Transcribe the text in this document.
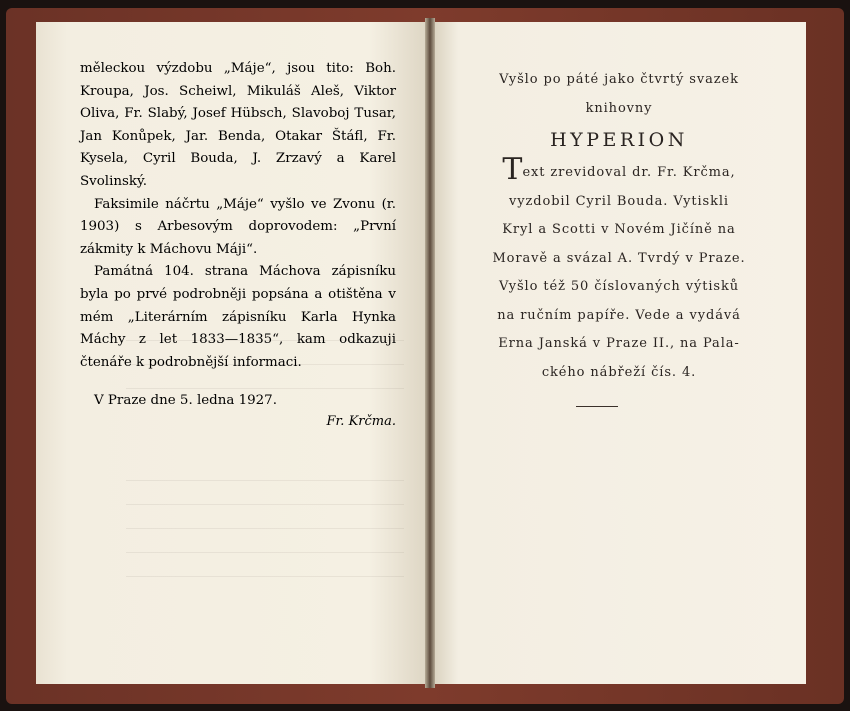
měleckou výzdobu „Máje“, jsou tito: Boh. Kroupa, Jos. Scheiwl, Mikuláš Aleš, Viktor Oliva, Fr. Slabý, Josef Hübsch, Slavoboj Tusar, Jan Konůpek, Jar. Benda, Otakar Štáfl, Fr. Kysela, Cyril Bouda, J. Zrzavý a Karel Svolinský.

Faksimile náčrtu „Máje“ vyšlo ve Zvonu (r. 1903) s Arbesovým doprovodem: „První zákmity k Máchovu Máji“.

Památná 104. strana Máchova zápisníku byla po prvé podrobněji popsána a otištěna v mém „Literárním zápisníku Karla Hynka Máchy z let 1833—1835“, kam odkazuji čtenáře k podrobnější informaci.

V Praze dne 5. ledna 1927.

Fr. Krčma.
Vyšlo po páté jako čtvrtý svazek
knihovny
HYPERION
Text zrevidoval dr. Fr. Krčma,
vyzdobil Cyril Bouda. Vytiskli
Kryl a Scotti v Novém Jičíně na
Moravě a svázal A. Tvrdý v Praze.
Vyšlo též 50 číslovaných výtisků
na ručním papíře. Vede a vydává
Erna Janská v Praze II., na Pala-
ckého nábřeží čís. 4.
